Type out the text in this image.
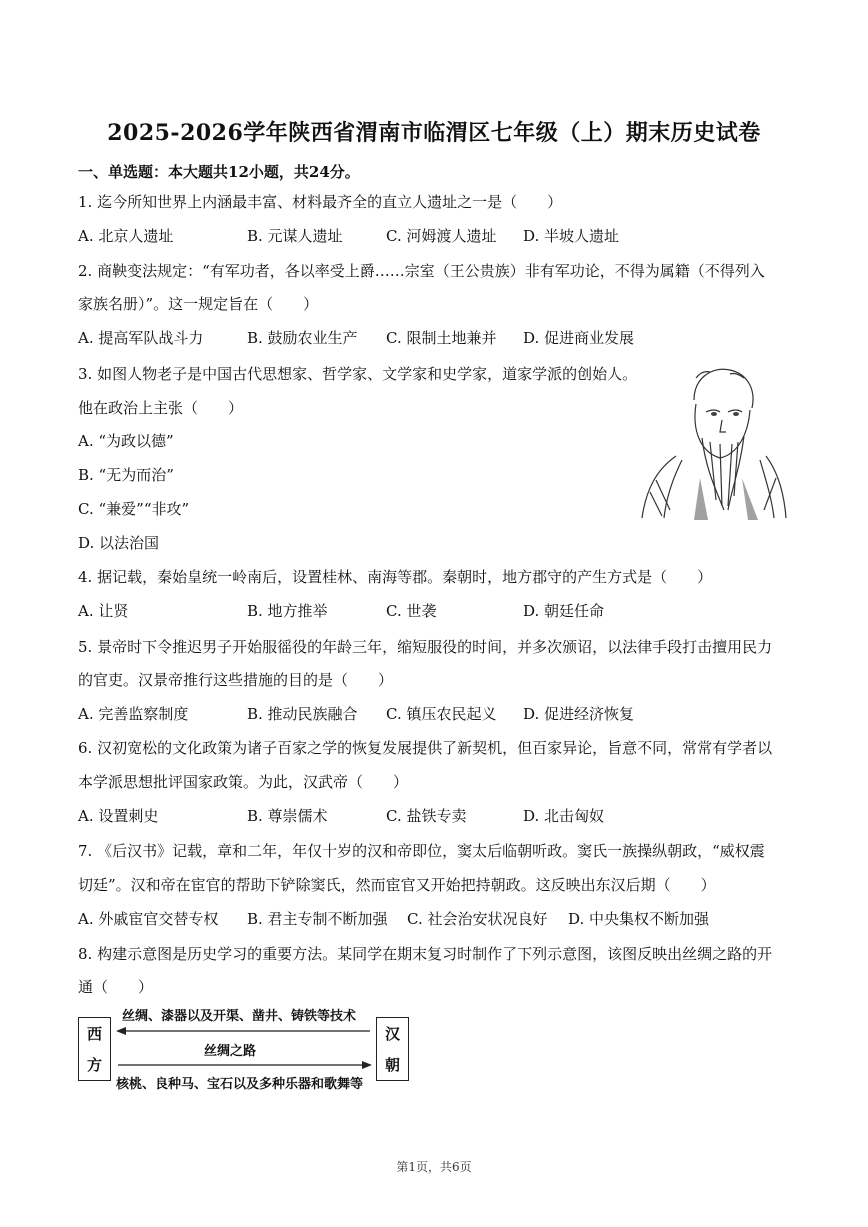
2025-2026学年陕西省渭南市临渭区七年级（上）期末历史试卷
一、单选题：本大题共12小题，共24分。
1. 迄今所知世界上内涵最丰富、材料最齐全的直立人遗址之一是（　　）
A. 北京人遗址	B. 元谋人遗址	C. 河姆渡人遗址 D. 半坡人遗址
2. 商鞅变法规定：“有军功者，各以率受上爵……宗室（王公贵族）非有军功论，不得为属籍（不得列入
家族名册）”。这一规定旨在（　　）
A. 提高军队战斗力	B. 鼓励农业生产 C. 限制土地兼并 D. 促进商业发展
3. 如图人物老子是中国古代思想家、哲学家、文学家和史学家，道家学派的创始人。
他在政治上主张（　　）
A. “为政以德”
B. “无为而治”
C. “兼爱”“非攻”
D. 以法治国
4. 据记载，秦始皇统一岭南后，设置桂林、南海等郡。秦朝时，地方郡守的产生方式是（　　）
A. 让贤	B. 地方推举	C. 世袭	D. 朝廷任命
5. 景帝时下令推迟男子开始服徭役的年龄三年，缩短服役的时间，并多次颁诏，以法律手段打击擅用民力
的官吏。汉景帝推行这些措施的目的是（　　）
A. 完善监察制度	B. 推动民族融合 C. 镇压农民起义 D. 促进经济恢复
6. 汉初宽松的文化政策为诸子百家之学的恢复发展提供了新契机，但百家异论，旨意不同，常常有学者以
本学派思想批评国家政策。为此，汉武帝（　　）
A. 设置刺史	B. 尊崇儒术	C. 盐铁专卖	D. 北击匈奴
7. 《后汉书》记载，章和二年，年仅十岁的汉和帝即位，窦太后临朝听政。窦氏一族操纵朝政，“威权震
切廷”。汉和帝在宦官的帮助下铲除窦氏，然而宦官又开始把持朝政。这反映出东汉后期（　　）
A. 外戚宦官交替专权 B. 君主专制不断加强 C. 社会治安状况良好 D. 中央集权不断加强
8. 构建示意图是历史学习的重要方法。某同学在期末复习时制作了下列示意图，该图反映出丝绸之路的开
通（　　）
西
方
汉
朝
丝绸、漆器以及开渠、凿井、铸铁等技术
丝绸之路
核桃、良种马、宝石以及多种乐器和歌舞等
第1页，共6页
